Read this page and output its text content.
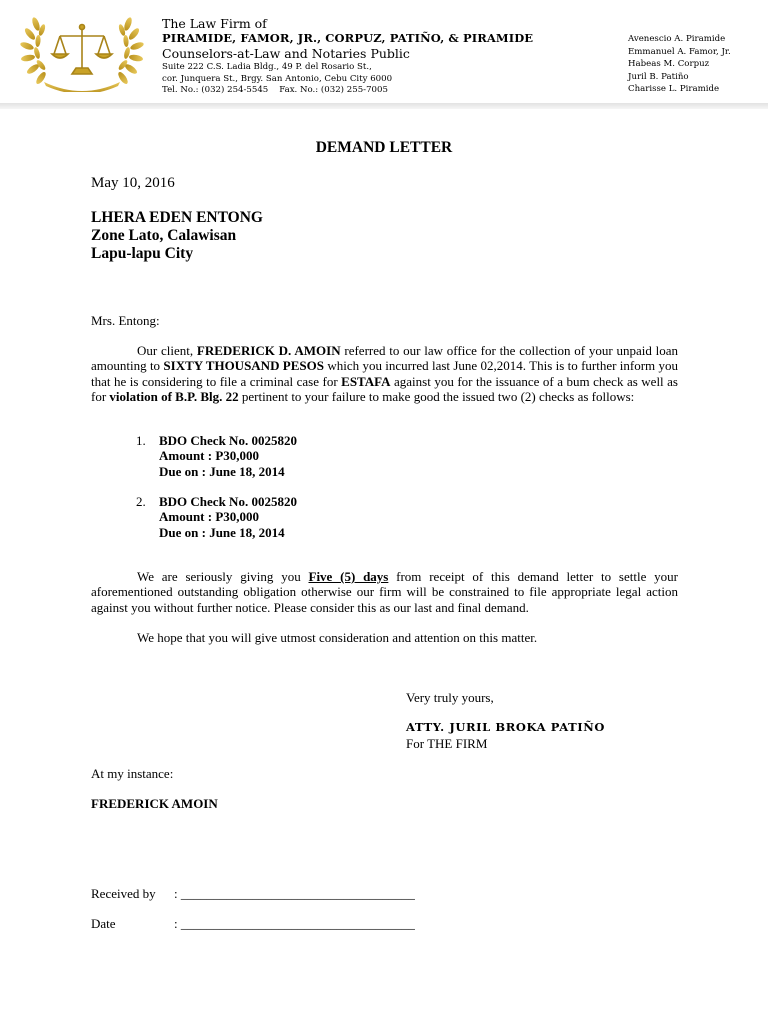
The Law Firm of
PIRAMIDE, FAMOR, JR., CORPUZ, PATIÑO, & PIRAMIDE
Counselors-at-Law and Notaries Public
Suite 222 C.S. Ladia Bldg., 49 P. del Rosario St.,
cor. Junquera St., Brgy. San Antonio, Cebu City 6000
Tel. No.: (032) 254-5545    Fax. No.: (032) 255-7005
Avenescio A. Piramide
Emmanuel A. Famor, Jr.
Habeas M. Corpuz
Juril B. Patiño
Charisse L. Piramide
DEMAND LETTER
May 10, 2016
LHERA EDEN ENTONG
Zone Lato, Calawisan
Lapu-lapu City
Mrs. Entong:
Our client, FREDERICK D. AMOIN referred to our law office for the collection of your unpaid loan amounting to SIXTY THOUSAND PESOS which you incurred last June 02,2014. This is to further inform you that he is considering to file a criminal case for ESTAFA against you for the issuance of a bum check as well as for violation of B.P. Blg. 22 pertinent to your failure to make good the issued two (2) checks as follows:
1. BDO Check No. 0025820
Amount : P30,000
Due on : June 18, 2014
2. BDO Check No. 0025820
Amount : P30,000
Due on : June 18, 2014
We are seriously giving you Five (5) days from receipt of this demand letter to settle your aforementioned outstanding obligation otherwise our firm will be constrained to file appropriate legal action against you without further notice. Please consider this as our last and final demand.
We hope that you will give utmost consideration and attention on this matter.
Very truly yours,
ATTY. JURIL BROKA PATIÑO
For THE FIRM
At my instance:
FREDERICK AMOIN
Received by : ____________________________________
Date	: ____________________________________
